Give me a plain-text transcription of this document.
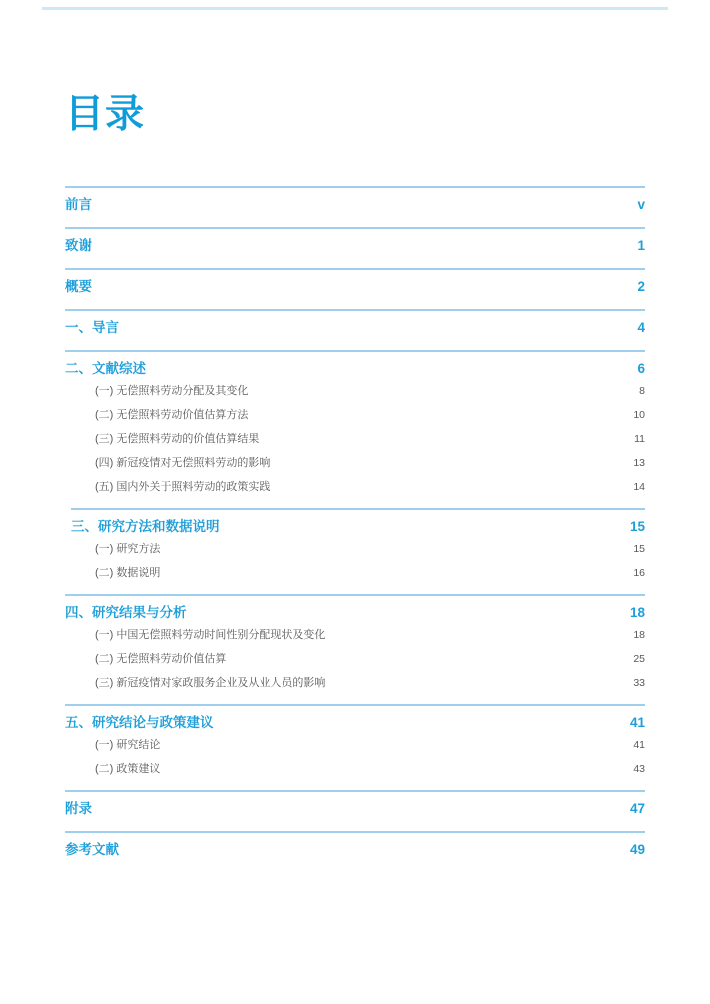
目录
前言	v
致谢	1
概要	2
一、导言	4
二、文献综述	6
(一) 无偿照料劳动分配及其变化	8
(二) 无偿照料劳动价值估算方法	10
(三) 无偿照料劳动的价值估算结果	11
(四) 新冠疫情对无偿照料劳动的影响	13
(五) 国内外关于照料劳动的政策实践	14
三、研究方法和数据说明	15
(一) 研究方法	15
(二) 数据说明	16
四、研究结果与分析	18
(一) 中国无偿照料劳动时间性别分配现状及变化	18
(二) 无偿照料劳动价值估算	25
(三) 新冠疫情对家政服务企业及从业人员的影响	33
五、研究结论与政策建议	41
(一) 研究结论	41
(二) 政策建议	43
附录	47
参考文献	49
